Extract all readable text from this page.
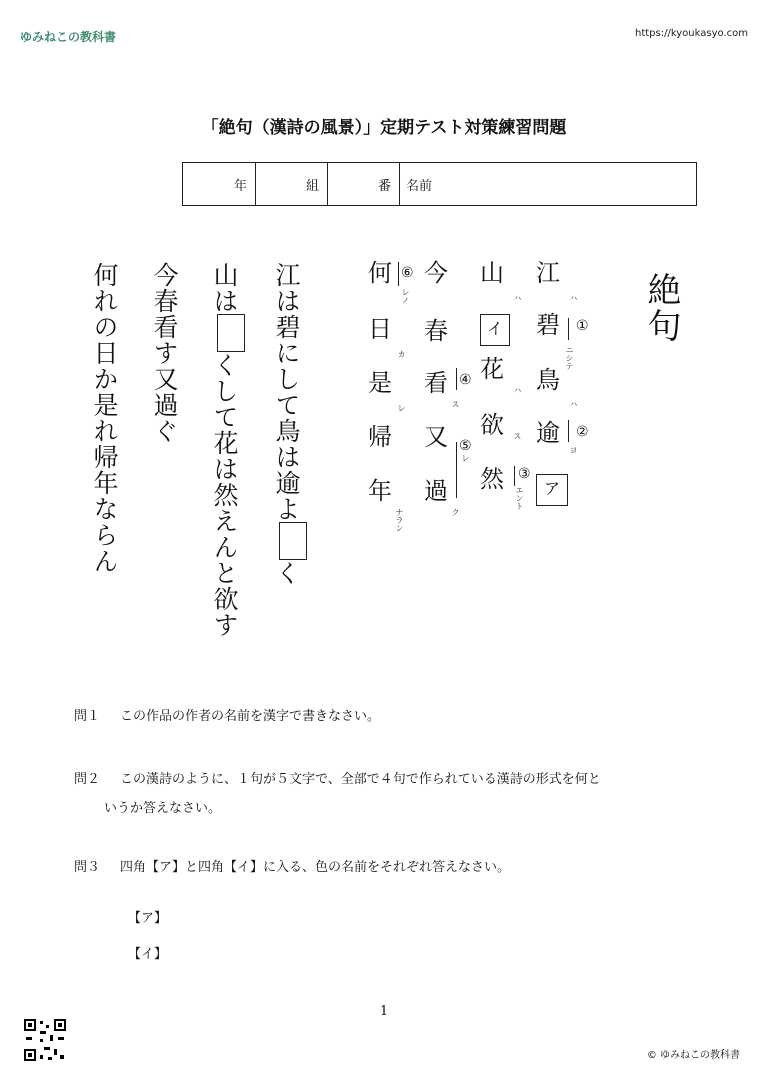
ゆみねこの教科書	https://kyoukasyo.com
「絶句（漢詩の風景）」定期テスト対策練習問題
年	組	番 名前
絶句
江
碧
鳥
逾
ア
ハ
①
ニシテ
ハ
②
ヨ
山
イ
花
欲
然
ハ
ハ
ス
③
エント
今
春
看
又
過
④
ス
⑤
レ
ク
何
日
是
帰
年
⑥
レノ
カ
レ
ナラン
江は碧にして鳥は逾よく
山はくして花は然えんと欲す
今春看す又過ぐ
何れの日か是れ帰年ならん
問１ この作品の作者の名前を漢字で書きなさい。
問２ この漢詩のように、１句が５文字で、全部で４句で作られている漢詩の形式を何と
いうか答えなさい。
問３ 四角【ア】と四角【イ】に入る、色の名前をそれぞれ答えなさい。
【ア】
【イ】
1
© ゆみねこの教科書
